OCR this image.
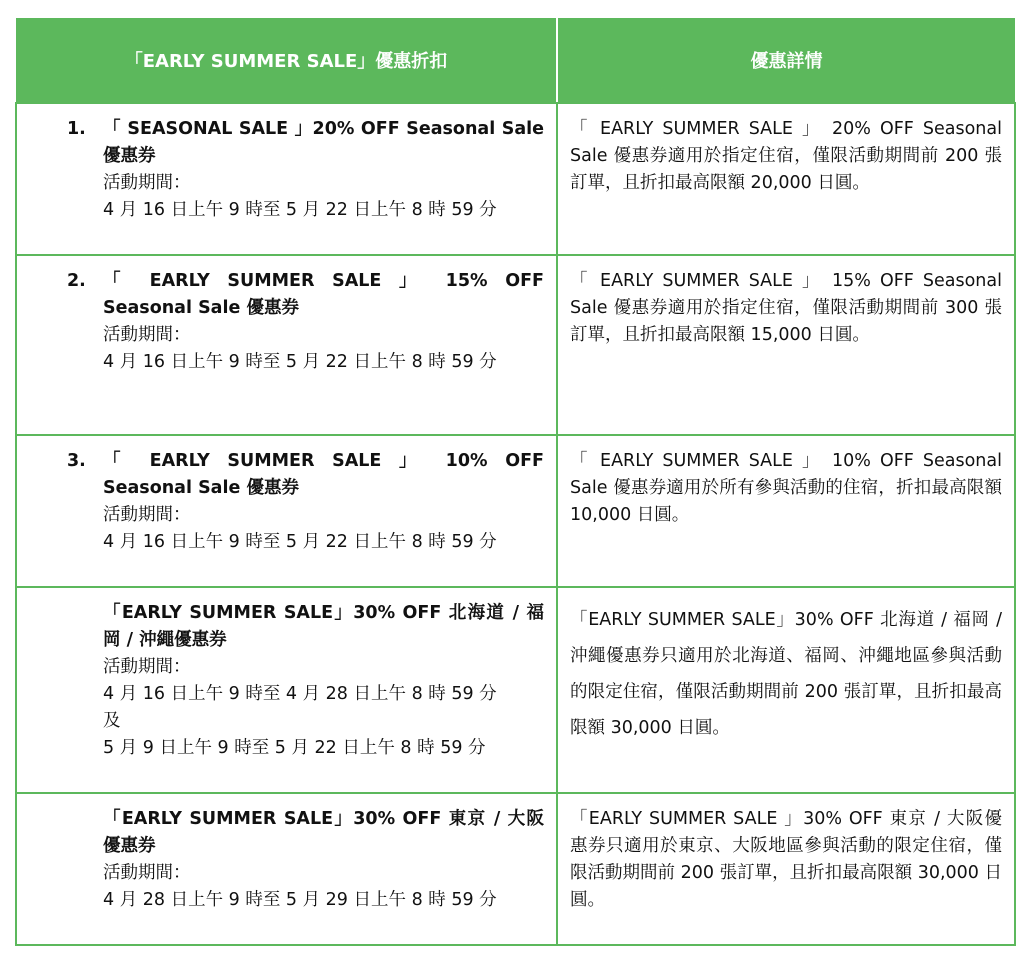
「EARLY SUMMER SALE」優惠折扣	優惠詳情

1. 「 SEASONAL SALE 」20% OFF Seasonal Sale 優惠券
活動期間：
4 月 16 日上午 9 時至 5 月 22 日上午 8 時 59 分	「 EARLY SUMMER SALE 」 20% OFF Seasonal Sale 優惠券適用於指定住宿，僅限活動期間前 200 張訂單，且折扣最高限額 20,000 日圓。

2. 「 EARLY SUMMER SALE 」 15% OFF Seasonal Sale 優惠券
活動期間：
4 月 16 日上午 9 時至 5 月 22 日上午 8 時 59 分	「 EARLY SUMMER SALE 」 15% OFF Seasonal Sale 優惠券適用於指定住宿，僅限活動期間前 300 張訂單，且折扣最高限額 15,000 日圓。

3. 「 EARLY SUMMER SALE 」 10% OFF Seasonal Sale 優惠券
活動期間：
4 月 16 日上午 9 時至 5 月 22 日上午 8 時 59 分	「 EARLY SUMMER SALE 」 10% OFF Seasonal Sale 優惠券適用於所有參與活動的住宿，折扣最高限額 10,000 日圓。

「EARLY SUMMER SALE」30% OFF 北海道 / 福岡 / 沖繩優惠券
活動期間：
4 月 16 日上午 9 時至 4 月 28 日上午 8 時 59 分
及
5 月 9 日上午 9 時至 5 月 22 日上午 8 時 59 分	「EARLY SUMMER SALE」30% OFF 北海道 / 福岡 / 沖繩優惠券只適用於北海道、福岡、沖繩地區參與活動的限定住宿，僅限活動期間前 200 張訂單，且折扣最高限額 30,000 日圓。

「EARLY SUMMER SALE」30% OFF 東京 / 大阪優惠券
活動期間：
4 月 28 日上午 9 時至 5 月 29 日上午 8 時 59 分	「EARLY SUMMER SALE 」30% OFF 東京 / 大阪優惠券只適用於東京、大阪地區參與活動的限定住宿，僅限活動期間前 200 張訂單，且折扣最高限額 30,000 日圓。
